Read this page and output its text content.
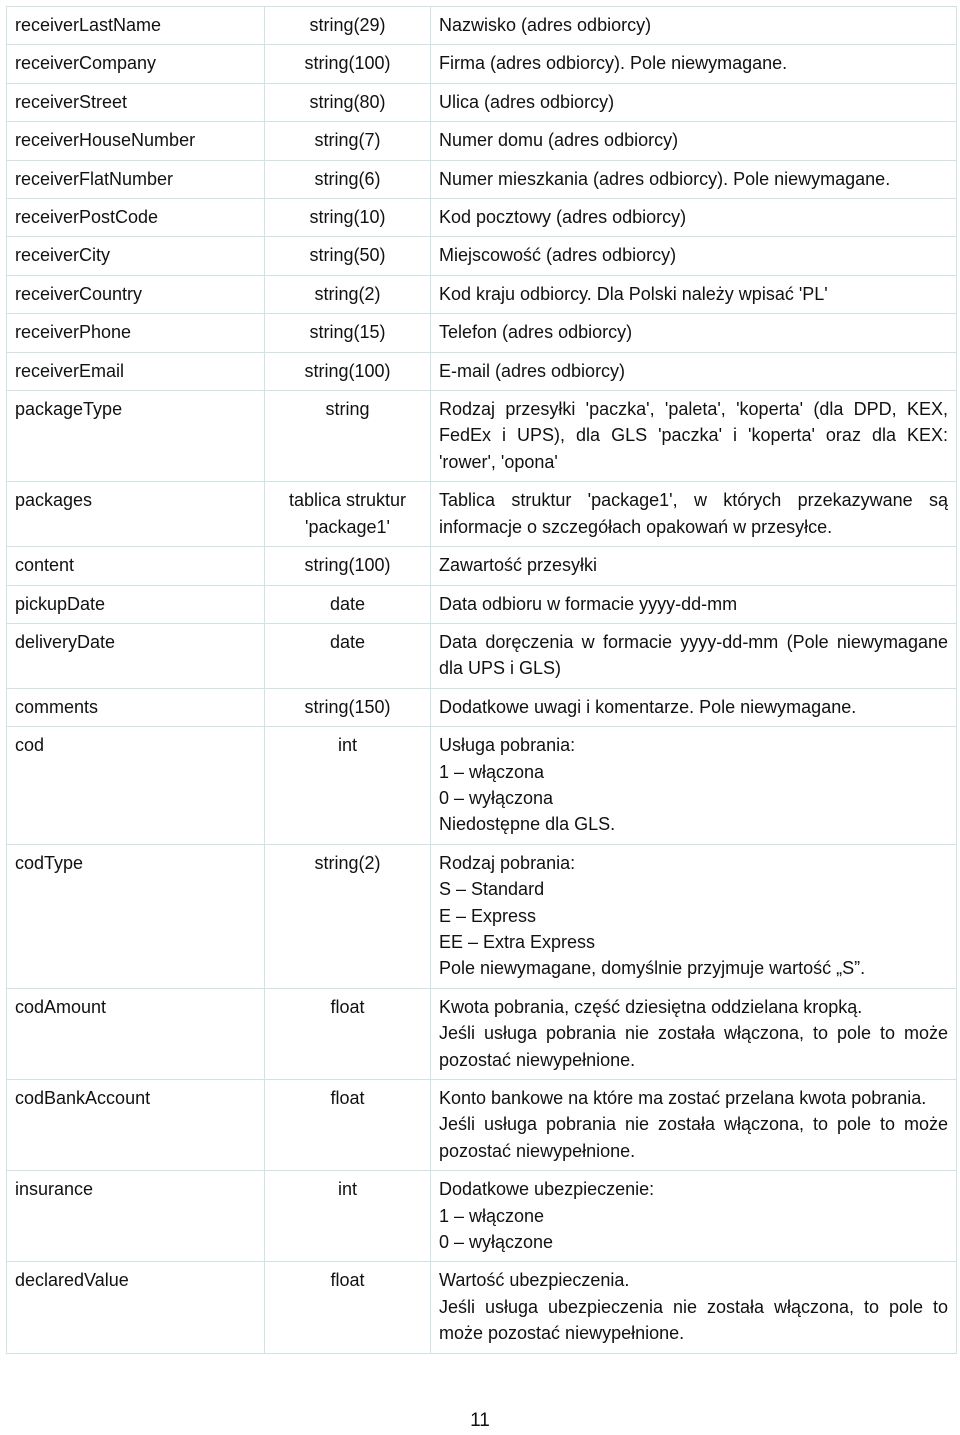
receiverLastName	string(29)	Nazwisko (adres odbiorcy)

receiverCompany	string(100)	Firma (adres odbiorcy). Pole niewymagane.

receiverStreet	string(80)	Ulica (adres odbiorcy)

receiverHouseNumber	string(7)	Numer domu (adres odbiorcy)

receiverFlatNumber	string(6)	Numer mieszkania (adres odbiorcy). Pole niewymagane.

receiverPostCode	string(10)	Kod pocztowy (adres odbiorcy)

receiverCity	string(50)	Miejscowość (adres odbiorcy)

receiverCountry	string(2)	Kod kraju odbiorcy. Dla Polski należy wpisać 'PL'

receiverPhone	string(15)	Telefon (adres odbiorcy)

receiverEmail	string(100)	E-mail (adres odbiorcy)

packageType	string	Rodzaj przesyłki 'paczka', 'paleta', 'koperta' (dla DPD, KEX, FedEx i UPS), dla GLS 'paczka' i 'koperta' oraz dla KEX: 'rower', 'opona'

packages	tablica struktur 'package1'	Tablica struktur 'package1', w których przekazywane są informacje o szczegółach opakowań w przesyłce.

content	string(100)	Zawartość przesyłki

pickupDate	date	Data odbioru w formacie yyyy-dd-mm

deliveryDate	date	Data doręczenia w formacie yyyy-dd-mm (Pole niewymagane dla UPS i GLS)

comments	string(150)	Dodatkowe uwagi i komentarze. Pole niewymagane.

cod	int	Usługa pobrania:
1 – włączona
0 – wyłączona
Niedostępne dla GLS.

codType	string(2)	Rodzaj pobrania:
S – Standard
E – Express
EE – Extra Express
Pole niewymagane, domyślnie przyjmuje wartość „S”.

codAmount	float	Kwota pobrania, część dziesiętna oddzielana kropką.
Jeśli usługa pobrania nie została włączona, to pole to może pozostać niewypełnione.

codBankAccount	float	Konto bankowe na które ma zostać przelana kwota pobrania.
Jeśli usługa pobrania nie została włączona, to pole to może pozostać niewypełnione.

insurance	int	Dodatkowe ubezpieczenie:
1 – włączone
0 – wyłączone

declaredValue	float	Wartość ubezpieczenia.
Jeśli usługa ubezpieczenia nie została włączona, to pole to może pozostać niewypełnione.
11
